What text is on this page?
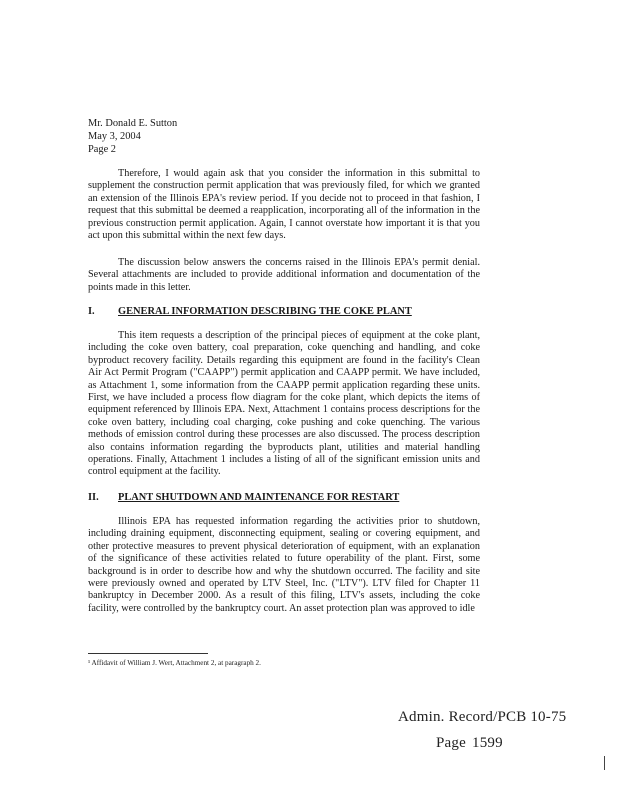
Mr. Donald E. Sutton
May 3, 2004
Page 2

Therefore, I would again ask that you consider the information in this submittal to supplement the construction permit application that was previously filed, for which we granted an extension of the Illinois EPA's review period. If you decide not to proceed in that fashion, I request that this submittal be deemed a reapplication, incorporating all of the information in the previous construction permit application. Again, I cannot overstate how important it is that you act upon this submittal within the next few days.

The discussion below answers the concerns raised in the Illinois EPA's permit denial. Several attachments are included to provide additional information and documentation of the points made in this letter.

I. GENERAL INFORMATION DESCRIBING THE COKE PLANT

This item requests a description of the principal pieces of equipment at the coke plant, including the coke oven battery, coal preparation, coke quenching and handling, and coke byproduct recovery facility. Details regarding this equipment are found in the facility's Clean Air Act Permit Program ("CAAPP") permit application and CAAPP permit. We have included, as Attachment 1, some information from the CAAPP permit application regarding these units. First, we have included a process flow diagram for the coke plant, which depicts the items of equipment referenced by Illinois EPA. Next, Attachment 1 contains process descriptions for the coke oven battery, including coal charging, coke pushing and coke quenching. The various methods of emission control during these processes are also discussed. The process description also contains information regarding the byproducts plant, utilities and material handling operations. Finally, Attachment 1 includes a listing of all of the significant emission units and control equipment at the facility.

II. PLANT SHUTDOWN AND MAINTENANCE FOR RESTART

Illinois EPA has requested information regarding the activities prior to shutdown, including draining equipment, disconnecting equipment, sealing or covering equipment, and other protective measures to prevent physical deterioration of equipment, with an explanation of the significance of these activities related to future operability of the plant. First, some background is in order to describe how and why the shutdown occurred. The facility and site were previously owned and operated by LTV Steel, Inc. ("LTV"). LTV filed for Chapter 11 bankruptcy in December 2000. As a result of this filing, LTV's assets, including the coke facility, were controlled by the bankruptcy court. An asset protection plan was approved to idle

¹ Affidavit of William J. Wert, Attachment 2, at paragraph 2.
Admin. Record/PCB 10-75
Page 1599
